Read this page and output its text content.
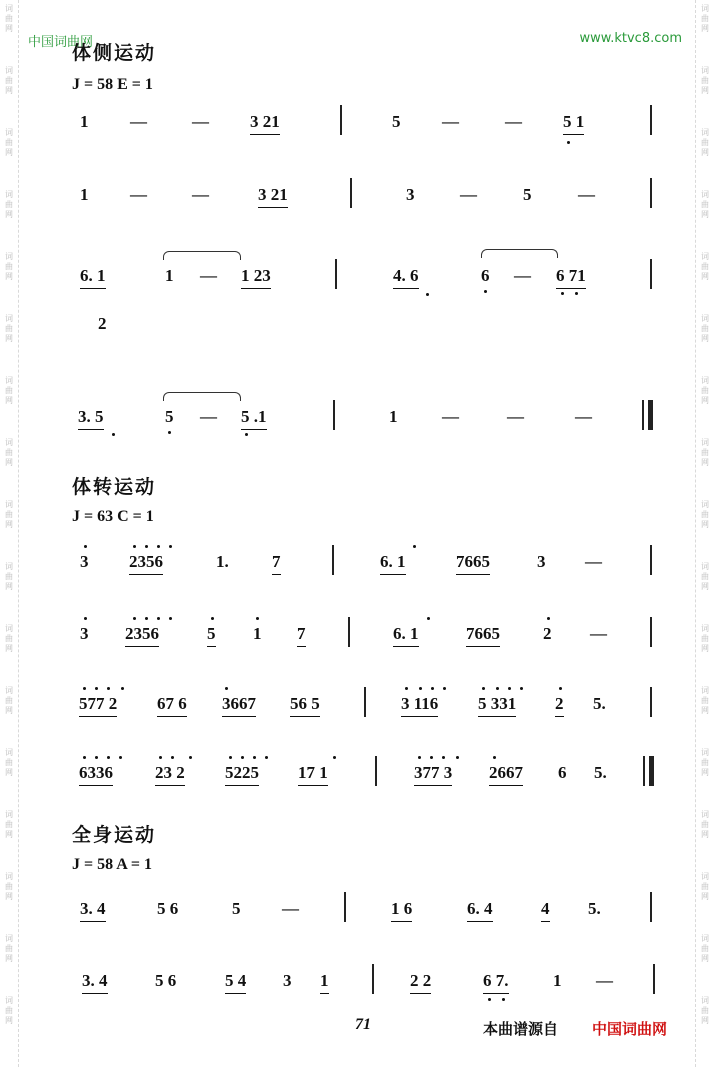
词
曲
网
词
曲
网
词
曲
网
词
曲
网
词
曲
网
词
曲
网
词
曲
网
词
曲
网
词
曲
网
词
曲
网
词
曲
网
词
曲
网
词
曲
网
词
曲
网
词
曲
网
词
曲
网
词
曲
网
词
曲
网
词
曲
网
词
曲
网
词
曲
网
词
曲
网
词
曲
网
词
曲
网
词
曲
网
词
曲
网
词
曲
网
词
曲
网
词
曲
网
词
曲
网
词
曲
网
词
曲
网
词
曲
网
词
曲
网
中国词曲网	www.ktvc8.com
体侧运动
J = 58 E = 1
1 —	— 3 21	5 —	— 5 1
1 —	—	3 21	3	—	5	—
6. 1	1 — 1 23	4. 6	6 — 6 71
2
3. 5	5 — 5 .1	1	—	—	—
体转运动
J = 63 C = 1
3 2356	1.	7	6. 1	7665	3 —
3 2356	5 1 7	6. 1	7665	2 —
577 2 67 6 3667 56 5	3 116 5 331 2 5.
6336 23 2 5225 17 1	377 3 2667 6 5.
全身运动
J = 58 A = 1
3. 4	5 6	5 —	1 6	6. 4	4 5.
3. 4	5 6	5 4 3 1	2 2	6 7.	1 —
71	本曲谱源自 中国词曲网
